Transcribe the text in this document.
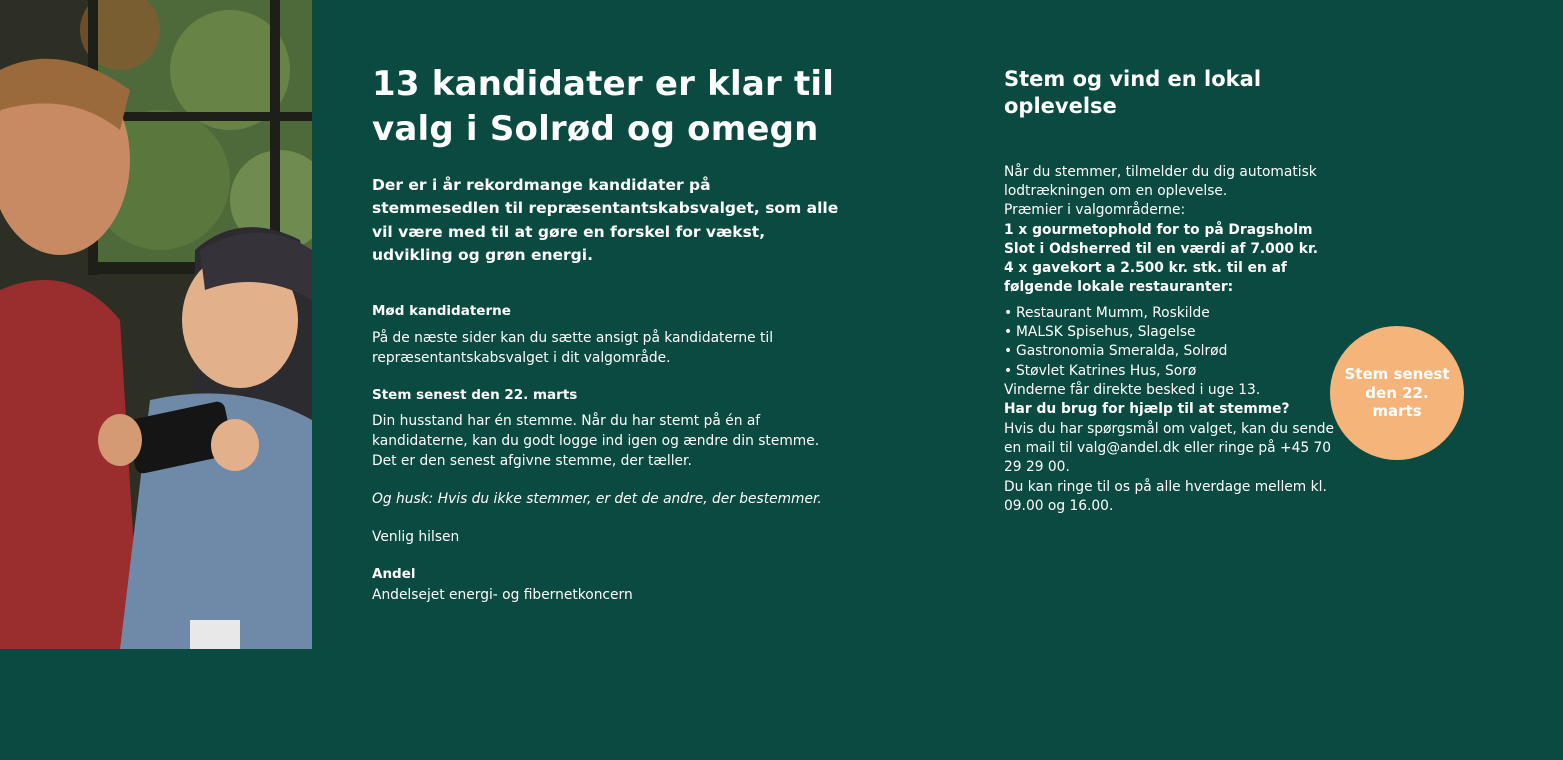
13 kandidater er klar til
valg i Solrød og omegn

Der er i år rekordmange kandidater på stemmesedlen til repræsentantskabsvalget, som alle vil være med til at gøre en forskel for vækst, udvikling og grøn energi.

Mød kandidaterne

På de næste sider kan du sætte ansigt på kandidaterne til repræsentantskabsvalget i dit valgområde.

Stem senest den 22. marts

Din husstand har én stemme. Når du har stemt på én af kandidaterne, kan du godt logge ind igen og ændre din stemme. Det er den senest afgivne stemme, der tæller.

Og husk: Hvis du ikke stemmer, er det de andre, der bestemmer.

Venlig hilsen

Andel

Andelsejet energi- og fibernetkoncern

Stem og vind en lokal oplevelse

Når du stemmer, tilmelder du dig automatisk lodtrækningen om en oplevelse.

Præmier i valgområderne:

1 x gourmetophold for to på Dragsholm Slot i Odsherred til en værdi af 7.000 kr.

4 x gavekort a 2.500 kr. stk. til en af følgende lokale restauranter:

• Restaurant Mumm, Roskilde
• MALSK Spisehus, Slagelse
• Gastronomia Smeralda, Solrød
• Støvlet Katrines Hus, Sorø

Vinderne får direkte besked i uge 13.

Har du brug for hjælp til at stemme?

Hvis du har spørgsmål om valget, kan du sende en mail til valg@andel.dk eller ringe på +45 70 29 29 00.

Du kan ringe til os på alle hverdage mellem kl. 09.00 og 16.00.

Stem senest den 22. marts
